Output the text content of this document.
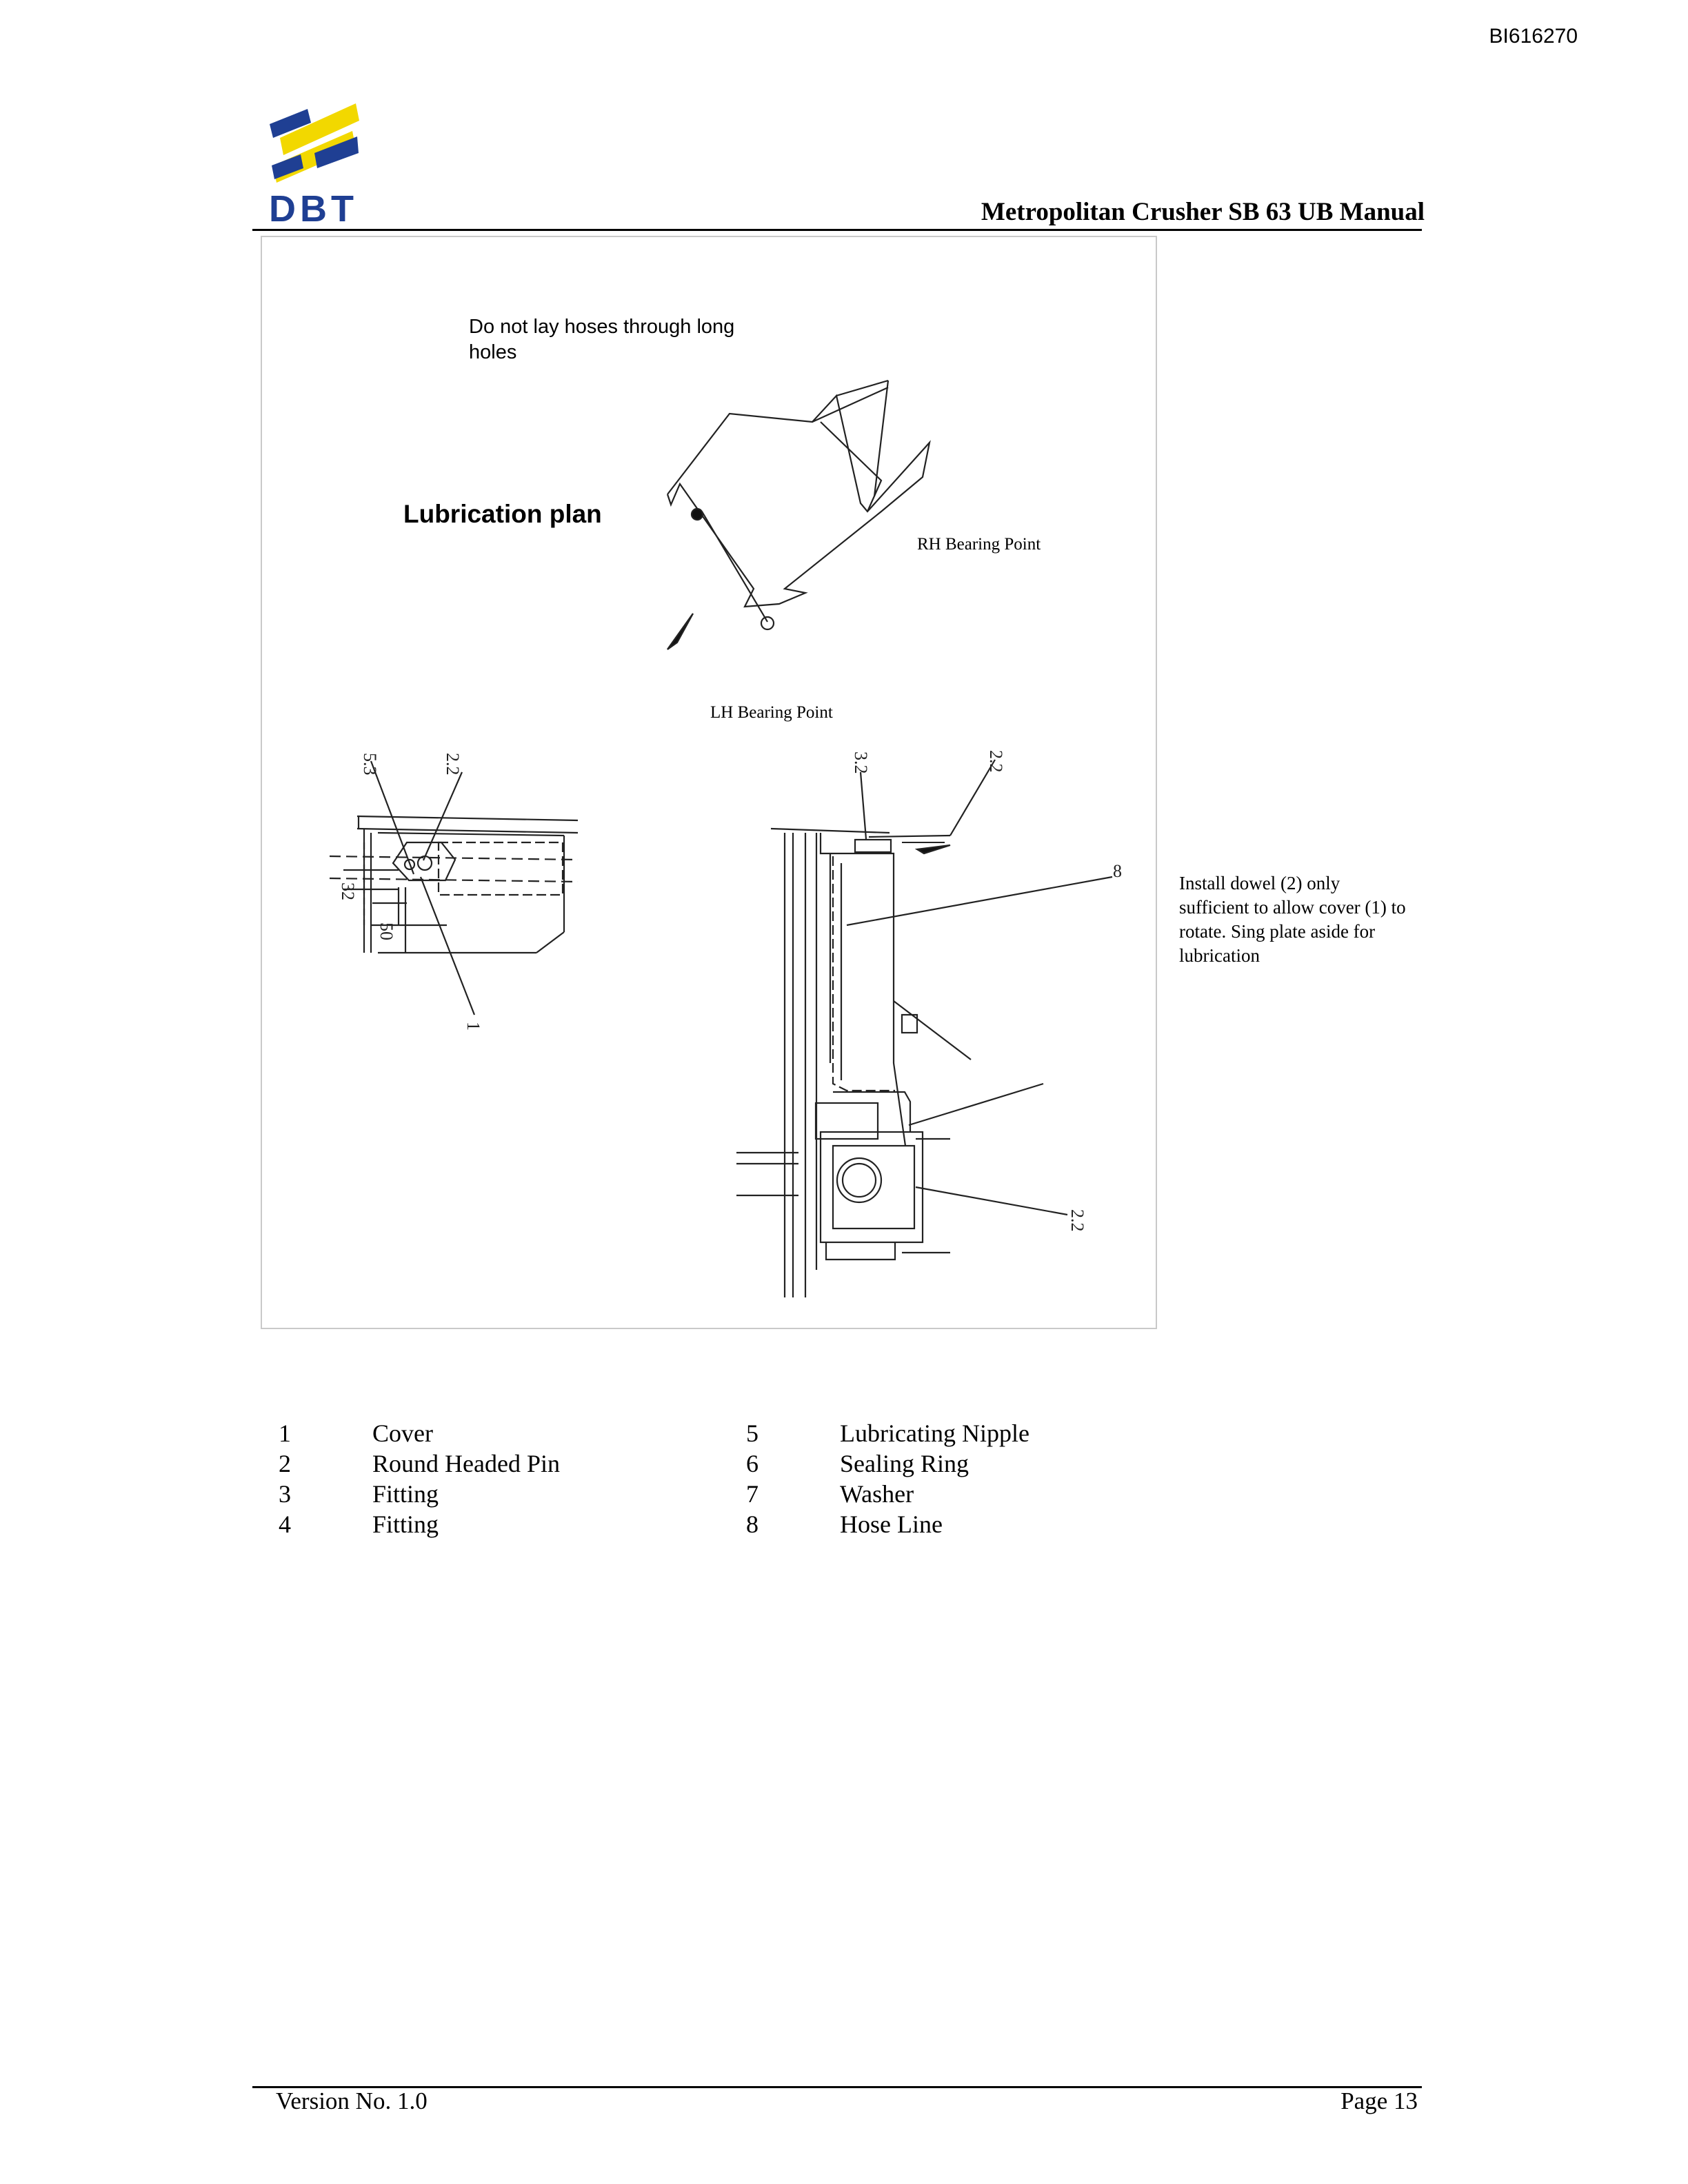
BI616270
DBT	Metropolitan Crusher SB 63 UB Manual
5.3	2.2
1
3.2	2.2
8
2.2
32
50
Do not lay hoses through long holes
Lubrication plan
RH Bearing Point
LH Bearing Point
Install dowel (2) only sufficient to allow cover (1) to rotate. Sing plate aside for lubrication
1	Cover
2	Round Headed Pin
3	Fitting
4	Fitting
5	Lubricating Nipple
6	Sealing Ring
7	Washer
8	Hose Line
Version No. 1.0	Page 13
